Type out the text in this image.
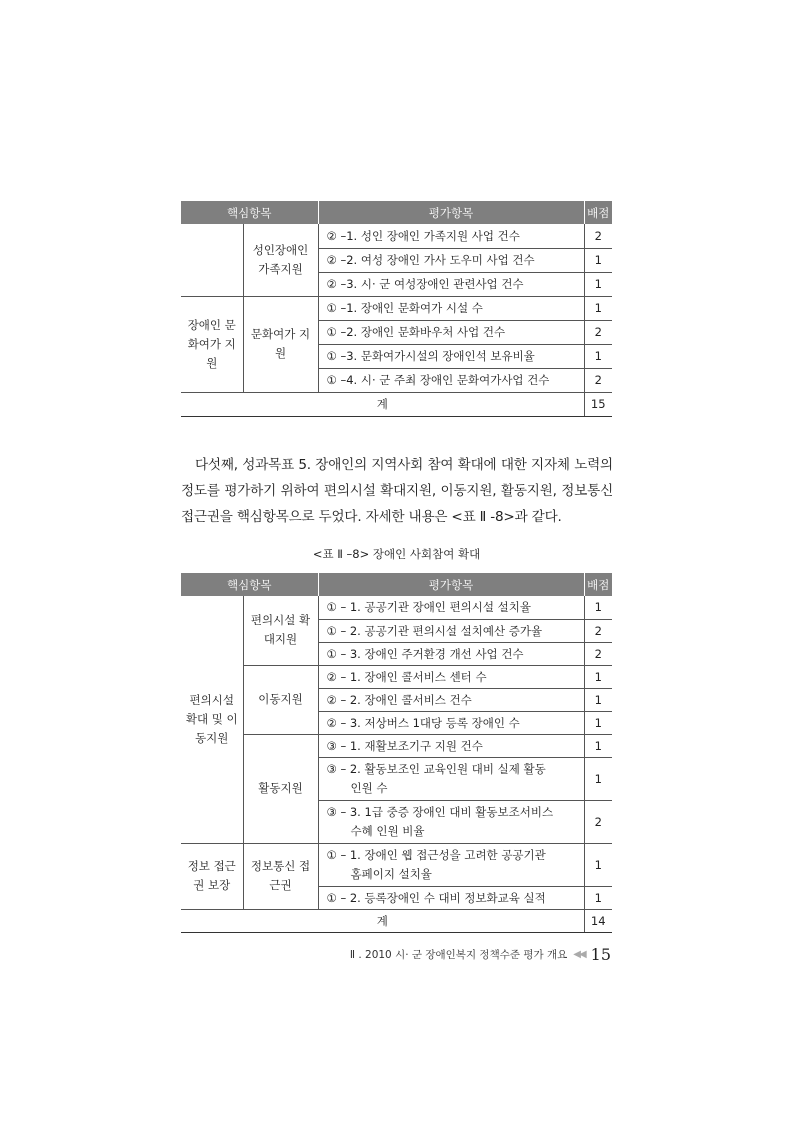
핵심항목		평가항목	배점
	성인장애인 가족지원	② –1. 성인 장애인 가족지원 사업 건수	2
		② –2. 여성 장애인 가사 도우미 사업 건수	1
		② –3. 시· 군 여성장애인 관련사업 건수	1
장애인 문화여가 지원	문화여가 지원	① –1. 장애인 문화여가 시설 수	1
		① –2. 장애인 문화바우처 사업 건수	2
		① –3. 문화여가시설의 장애인석 보유비율	1
		① –4. 시· 군 주최 장애인 문화여가사업 건수	2
계			15

다섯째, 성과목표 5. 장애인의 지역사회 참여 확대에 대한 지자체 노력의 정도를 평가하기 위하여 편의시설 확대지원, 이동지원, 활동지원, 정보통신 접근권을 핵심항목으로 두었다. 자세한 내용은 <표 Ⅱ -8>과 같다.

<표 Ⅱ –8> 장애인 사회참여 확대
핵심항목		평가항목	배점
편의시설 확대 및 이동지원	편의시설 확대지원	① – 1. 공공기관 장애인 편의시설 설치율	1
		① – 2. 공공기관 편의시설 설치예산 증가율	2
		① – 3. 장애인 주거환경 개선 사업 건수	2
	이동지원	② – 1. 장애인 콜서비스 센터 수	1
		② – 2. 장애인 콜서비스 건수	1
		② – 3. 저상버스 1대당 등록 장애인 수	1
	활동지원	③ – 1. 재활보조기구 지원 건수	1
		③ – 2. 활동보조인 교육인원 대비 실제 활동
인원 수	1
		③ – 3. 1급 중증 장애인 대비 활동보조서비스
수혜 인원 비율	2
정보 접근권 보장	정보통신 접근권	① – 1. 장애인 웹 접근성을 고려한 공공기관
홈페이지 설치율	1
		① – 2. 등록장애인 수 대비 정보화교육 실적	1
계			14
Ⅱ . 2010 시· 군 장애인복지 정책수준 평가 개요 ◀◀ 15
